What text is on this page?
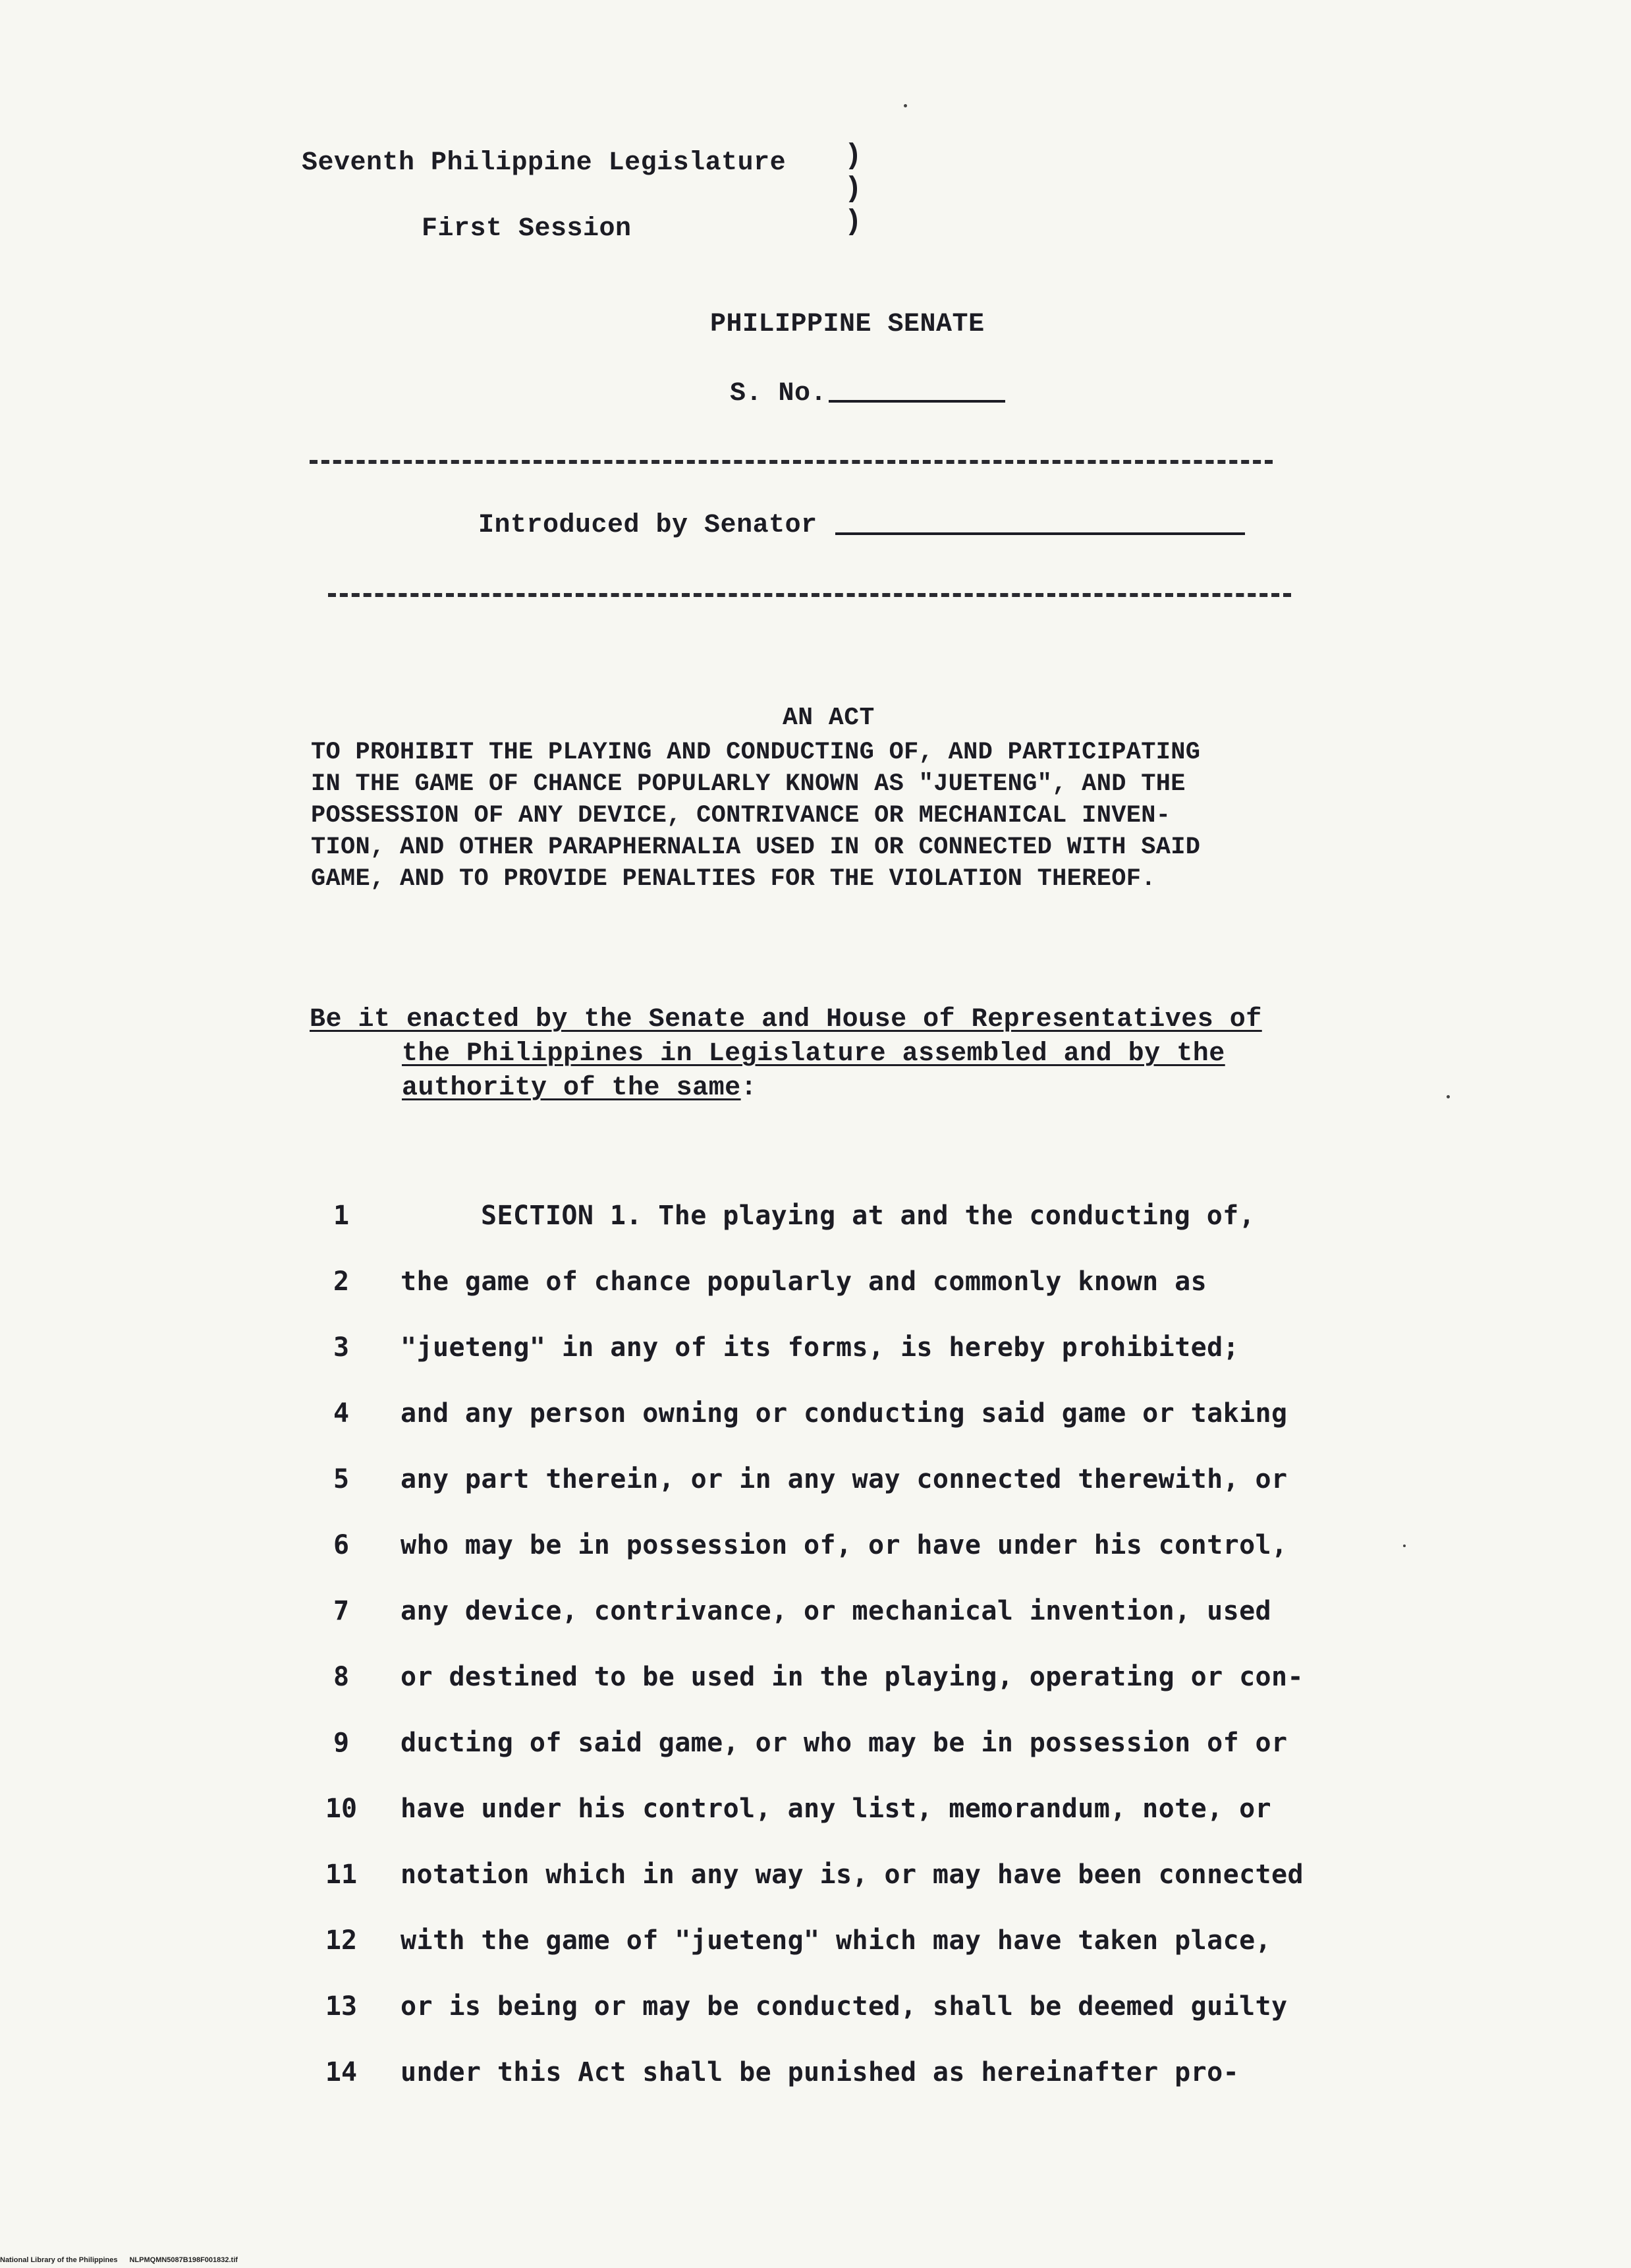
Seventh Philippine Legislature
First Session
)
)
)
PHILIPPINE SENATE
S. No.
Introduced by Senator
AN ACT
TO PROHIBIT THE PLAYING AND CONDUCTING OF, AND PARTICIPATING
IN THE GAME OF CHANCE POPULARLY KNOWN AS "JUETENG", AND THE
POSSESSION OF ANY DEVICE, CONTRIVANCE OR MECHANICAL INVEN-
TION, AND OTHER PARAPHERNALIA USED IN OR CONNECTED WITH SAID
GAME, AND TO PROVIDE PENALTIES FOR THE VIOLATION THEREOF.
Be it enacted by the Senate and House of Representatives of
the Philippines in Legislature assembled and by the
authority of the same:
1	SECTION 1. The playing at and the conducting of,
2	the game of chance popularly and commonly known as
3	"jueteng" in any of its forms, is hereby prohibited;
4	and any person owning or conducting said game or taking
5	any part therein, or in any way connected therewith, or
6	who may be in possession of, or have under his control,
7	any device, contrivance, or mechanical invention, used
8	or destined to be used in the playing, operating or con-
9	ducting of said game, or who may be in possession of or
10	have under his control, any list, memorandum, note, or
11	notation which in any way is, or may have been connected
12	with the game of "jueteng" which may have taken place,
13	or is being or may be conducted, shall be deemed guilty
14	under this Act shall be punished as hereinafter pro-
National Library of the Philippines NLPMQMN5087B198F001832.tif
